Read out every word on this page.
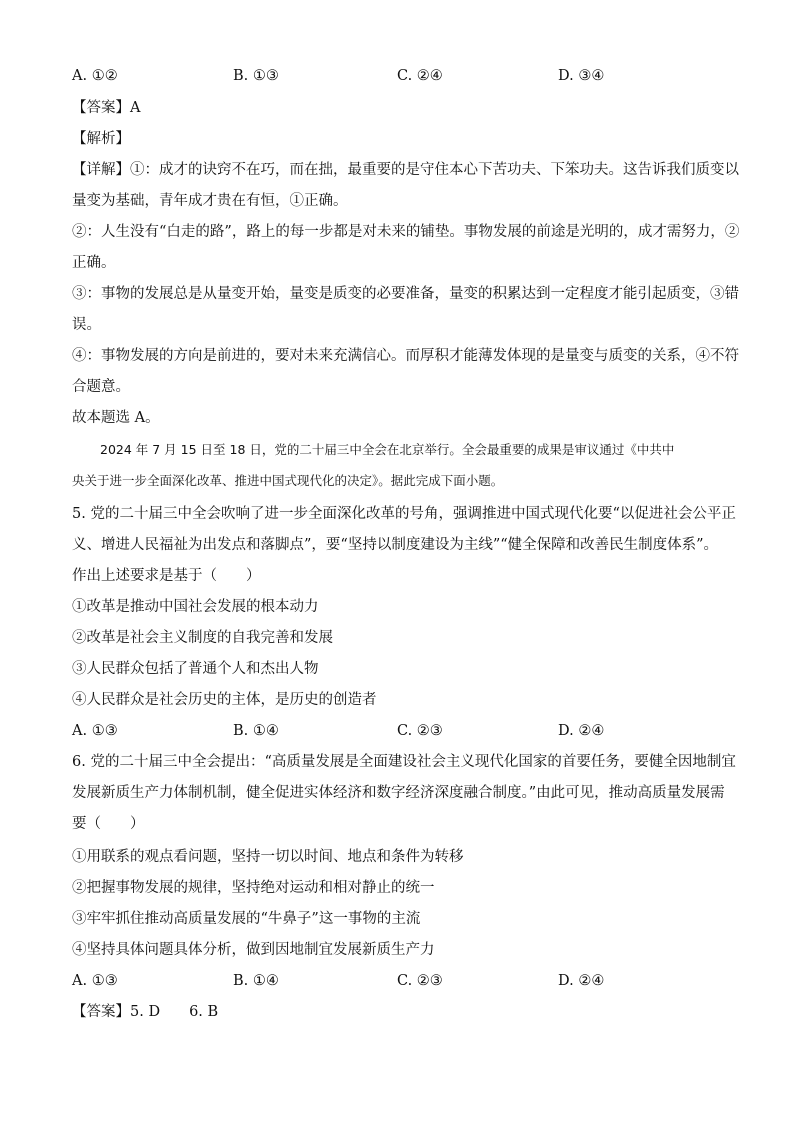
A. ①②	B. ①③	C. ②④	D. ③④
【答案】A
【解析】
【详解】①：成才的诀窍不在巧，而在拙，最重要的是守住本心下苦功夫、下笨功夫。这告诉我们质变以
量变为基础，青年成才贵在有恒，①正确。
②：人生没有“白走的路”，路上的每一步都是对未来的铺垫。事物发展的前途是光明的，成才需努力，②
正确。
③：事物的发展总是从量变开始，量变是质变的必要准备，量变的积累达到一定程度才能引起质变，③错
误。
④：事物发展的方向是前进的，要对未来充满信心。而厚积才能薄发体现的是量变与质变的关系，④不符
合题意。
故本题选 A。
2024 年 7 月 15 日至 18 日，党的二十届三中全会在北京举行。全会最重要的成果是审议通过《中共中
央关于进一步全面深化改革、推进中国式现代化的决定》。据此完成下面小题。
5. 党的二十届三中全会吹响了进一步全面深化改革的号角，强调推进中国式现代化要“以促进社会公平正
义、增进人民福祉为出发点和落脚点”，要“坚持以制度建设为主线”“健全保障和改善民生制度体系”。
作出上述要求是基于（　　）
①改革是推动中国社会发展的根本动力
②改革是社会主义制度的自我完善和发展
③人民群众包括了普通个人和杰出人物
④人民群众是社会历史的主体，是历史的创造者
A. ①③	B. ①④	C. ②③	D. ②④
6. 党的二十届三中全会提出：“高质量发展是全面建设社会主义现代化国家的首要任务，要健全因地制宜
发展新质生产力体制机制，健全促进实体经济和数字经济深度融合制度。”由此可见，推动高质量发展需
要（　　）
①用联系的观点看问题，坚持一切以时间、地点和条件为转移
②把握事物发展的规律，坚持绝对运动和相对静止的统一
③牢牢抓住推动高质量发展的“牛鼻子”这一事物的主流
④坚持具体问题具体分析，做到因地制宜发展新质生产力
A. ①③	B. ①④	C. ②③	D. ②④
【答案】5. D　　6. B
